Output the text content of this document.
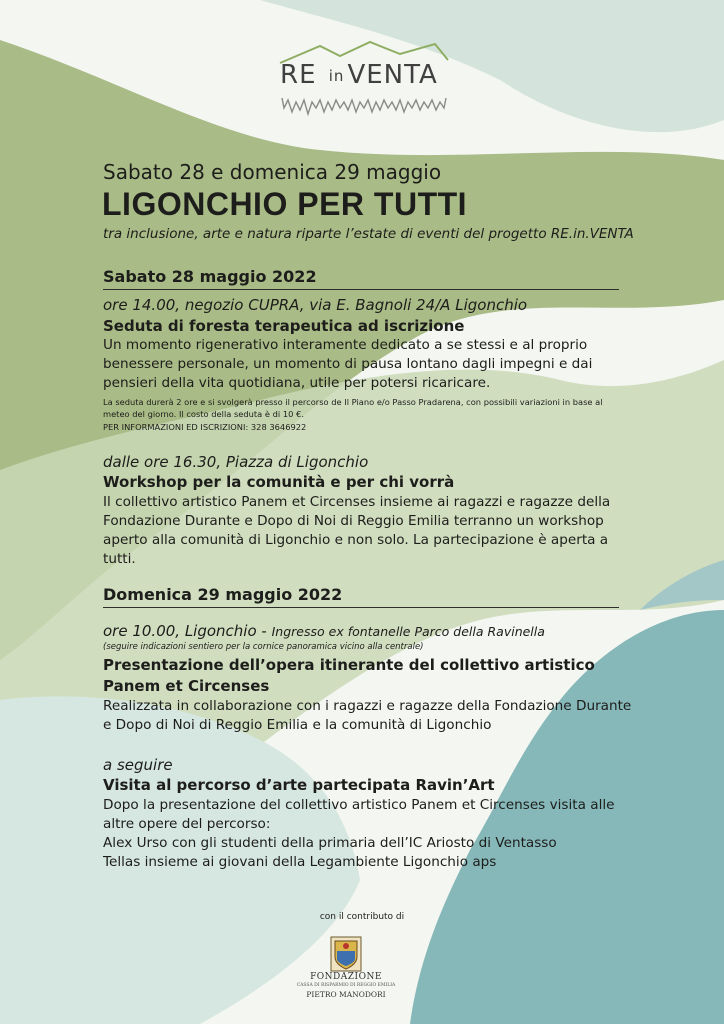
RE in VENTA
Sabato 28 e domenica 29 maggio
LIGONCHIO PER TUTTI
tra inclusione, arte e natura riparte l’estate di eventi del progetto RE.in.VENTA
Sabato 28 maggio 2022
ore 14.00, negozio CUPRA, via E. Bagnoli 24/A Ligonchio
Seduta di foresta terapeutica ad iscrizione
Un momento rigenerativo interamente dedicato a se stessi e al proprio benessere personale, un momento di pausa lontano dagli impegni e dai pensieri della vita quotidiana, utile per potersi ricaricare.
La seduta durerà 2 ore e si svolgerà presso il percorso de Il Piano e/o Passo Pradarena, con possibili variazioni in base al meteo del giorno. Il costo della seduta è di 10 €.
PER INFORMAZIONI ED ISCRIZIONI: 328 3646922
dalle ore 16.30, Piazza di Ligonchio
Workshop per la comunità e per chi vorrà
Il collettivo artistico Panem et Circenses insieme ai ragazzi e ragazze della Fondazione Durante e Dopo di Noi di Reggio Emilia terranno un workshop aperto alla comunità di Ligonchio e non solo. La partecipazione è aperta a tutti.
Domenica 29 maggio 2022
ore 10.00, Ligonchio - Ingresso ex fontanelle Parco della Ravinella
(seguire indicazioni sentiero per la cornice panoramica vicino alla centrale)
Presentazione dell’opera itinerante del collettivo artistico
Panem et Circenses
Realizzata in collaborazione con i ragazzi e ragazze della Fondazione Durante e Dopo di Noi di Reggio Emilia e la comunità di Ligonchio
a seguire
Visita al percorso d’arte partecipata Ravin’Art
Dopo la presentazione del collettivo artistico Panem et Circenses visita alle
altre opere del percorso:
Alex Urso con gli studenti della primaria dell’IC Ariosto di Ventasso
Tellas insieme ai giovani della Legambiente Ligonchio aps
con il contributo di
FONDAZIONE
CASSA DI RISPARMIO DI REGGIO EMILIA
PIETRO MANODORI
